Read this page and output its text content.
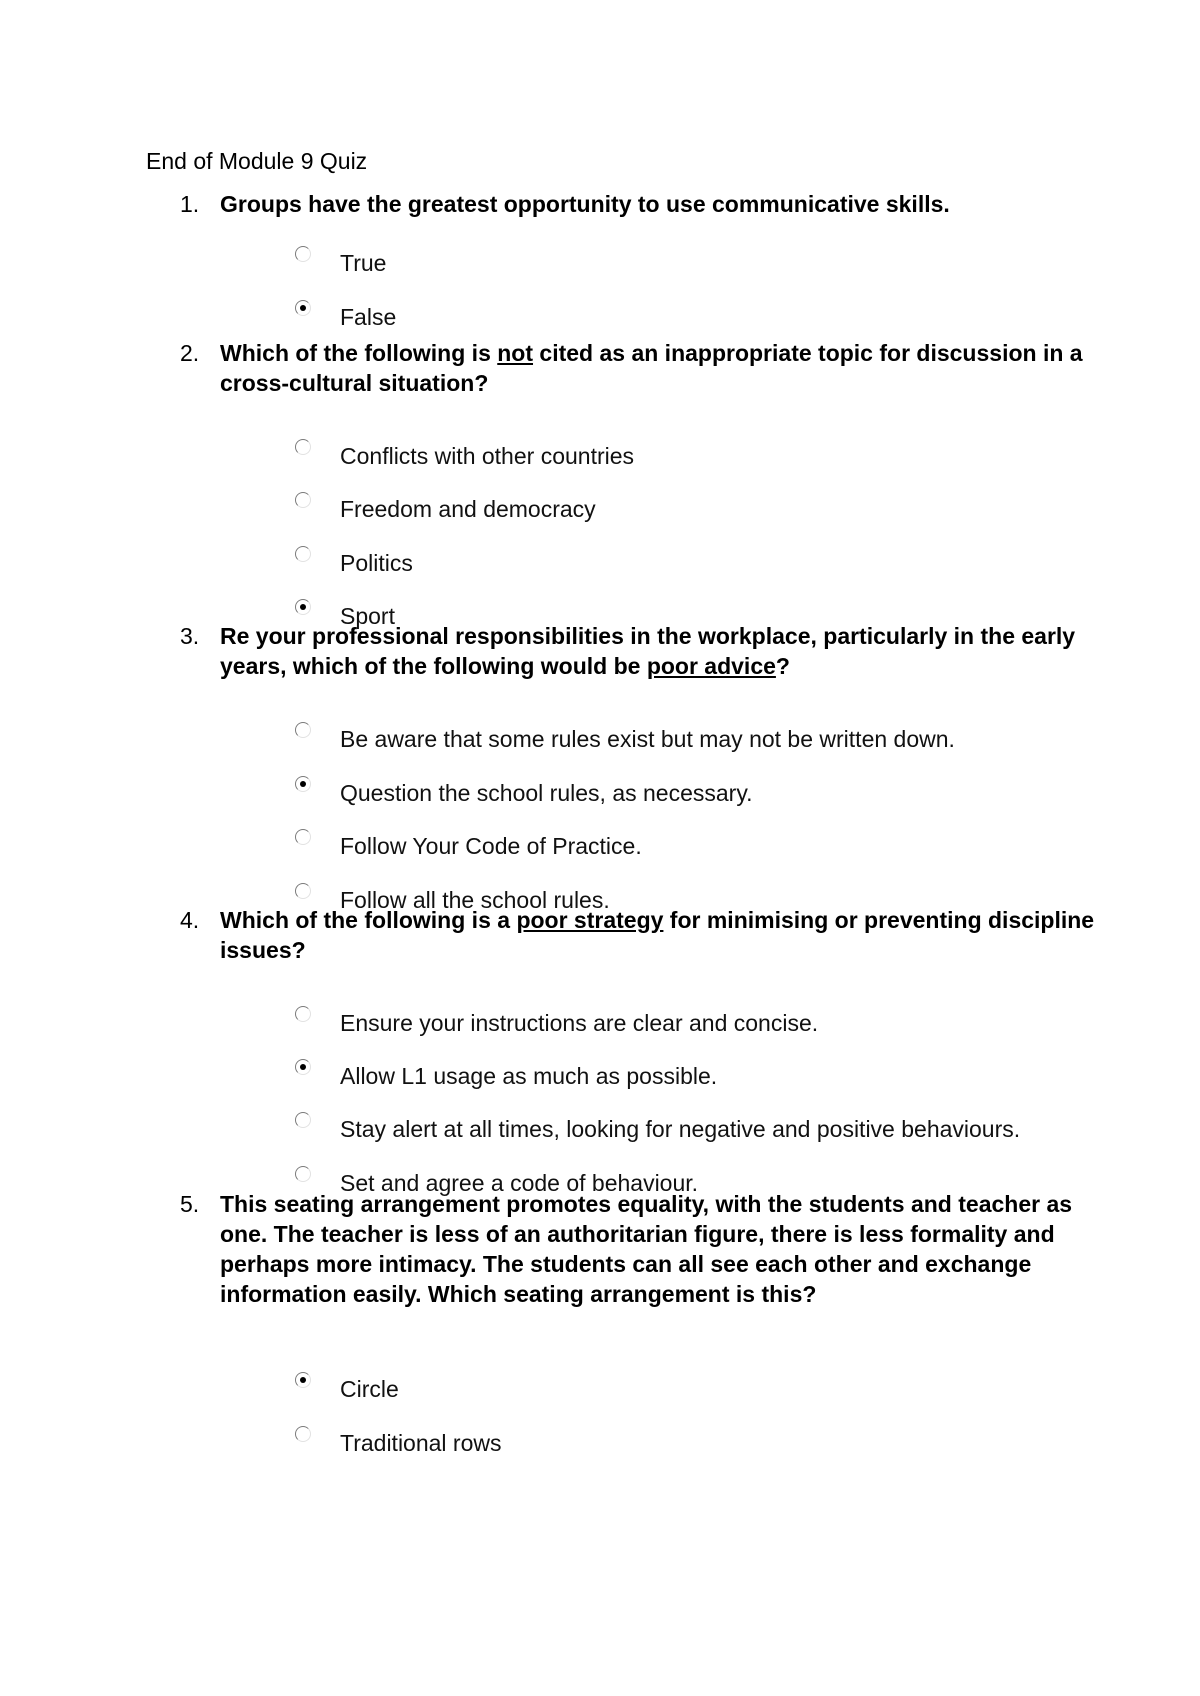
End of Module 9 Quiz
1. Groups have the greatest opportunity to use communicative skills.
True
False
2. Which of the following is not cited as an inappropriate topic for discussion in a cross-cultural situation?
Conflicts with other countries
Freedom and democracy
Politics
Sport
3. Re your professional responsibilities in the workplace, particularly in the early years, which of the following would be poor advice?
Be aware that some rules exist but may not be written down.
Question the school rules, as necessary.
Follow Your Code of Practice.
Follow all the school rules.
4. Which of the following is a poor strategy for minimising or preventing discipline issues?
Ensure your instructions are clear and concise.
Allow L1 usage as much as possible.
Stay alert at all times, looking for negative and positive behaviours.
Set and agree a code of behaviour.
5. This seating arrangement promotes equality, with the students and teacher as one. The teacher is less of an authoritarian figure, there is less formality and perhaps more intimacy. The students can all see each other and exchange information easily. Which seating arrangement is this?
Circle
Traditional rows
